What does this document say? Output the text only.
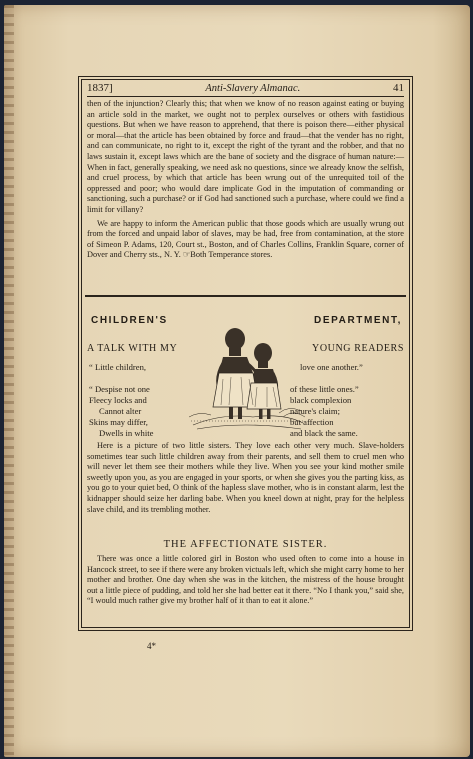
1837]	Anti-Slavery Almanac.	41

then of the injunction? Clearly this; that when we know of no reason against eating or buying an article sold in the market, we ought not to perplex ourselves or others with fastidious questions. But when we have reason to apprehend, that there is poison there—either physical or moral—that the article has been obtained by force and fraud—that the vender has no right, and can communicate, no right to it, except the right of the tyrant and the robber, and that no laws sustain it, except laws which are the bane of society and the disgrace of human nature:—When in fact, generally speaking, we need ask no questions, since we already know the selfish, and cruel process, by which that article has been wrung out of the unrequited toil of the oppressed and poor; who would dare implicate God in the imputation of commanding or sanctioning, such a purchase? or if God had sanctioned such a purchase, where could we find a limit for villany?

We are happy to inform the American public that those goods which are usually wrung out from the forced and unpaid labor of slaves, may be had, free from contamination, at the store of Simeon P. Adams, 120, Court st., Boston, and of Charles Collins, Franklin Square, corner of Dover and Cherry sts., N. Y. ☞Both Temperance stores.

CHILDREN'S	DEPARTMENT,
A TALK WITH MY	YOUNG READERS
“ Little children,

“ Despise not one
Fleecy locks and
Cannot alter
Skins may differ,
Dwells in white
love one another.”

of these little ones.”
black complexion
nature's claim;
but affection
and black the same.

Here is a picture of two little sisters. They love each other very much. Slave-holders sometimes tear such little children away from their parents, and sell them to cruel men who will never let them see their mothers while they live. When you see your kind mother smile sweetly upon you, as you are engaged in your sports, or when she gives you the parting kiss, as you go to your quiet bed, O think of the hapless slave mother, who is in constant alarm, lest the kidnapper should seize her darling babe. When you kneel down at night, pray for the helpless slave child, and its trembling mother.

THE AFFECTIONATE SISTER.

There was once a little colored girl in Boston who used often to come into a house in Hancock street, to see if there were any broken victuals left, which she might carry home to her mother and brother. One day when she was in the kitchen, the mistress of the house brought out a little piece of pudding, and told her she had better eat it there. “No I thank you,” said she, “I would much rather give my brother half of it than to eat it alone.”

4*
